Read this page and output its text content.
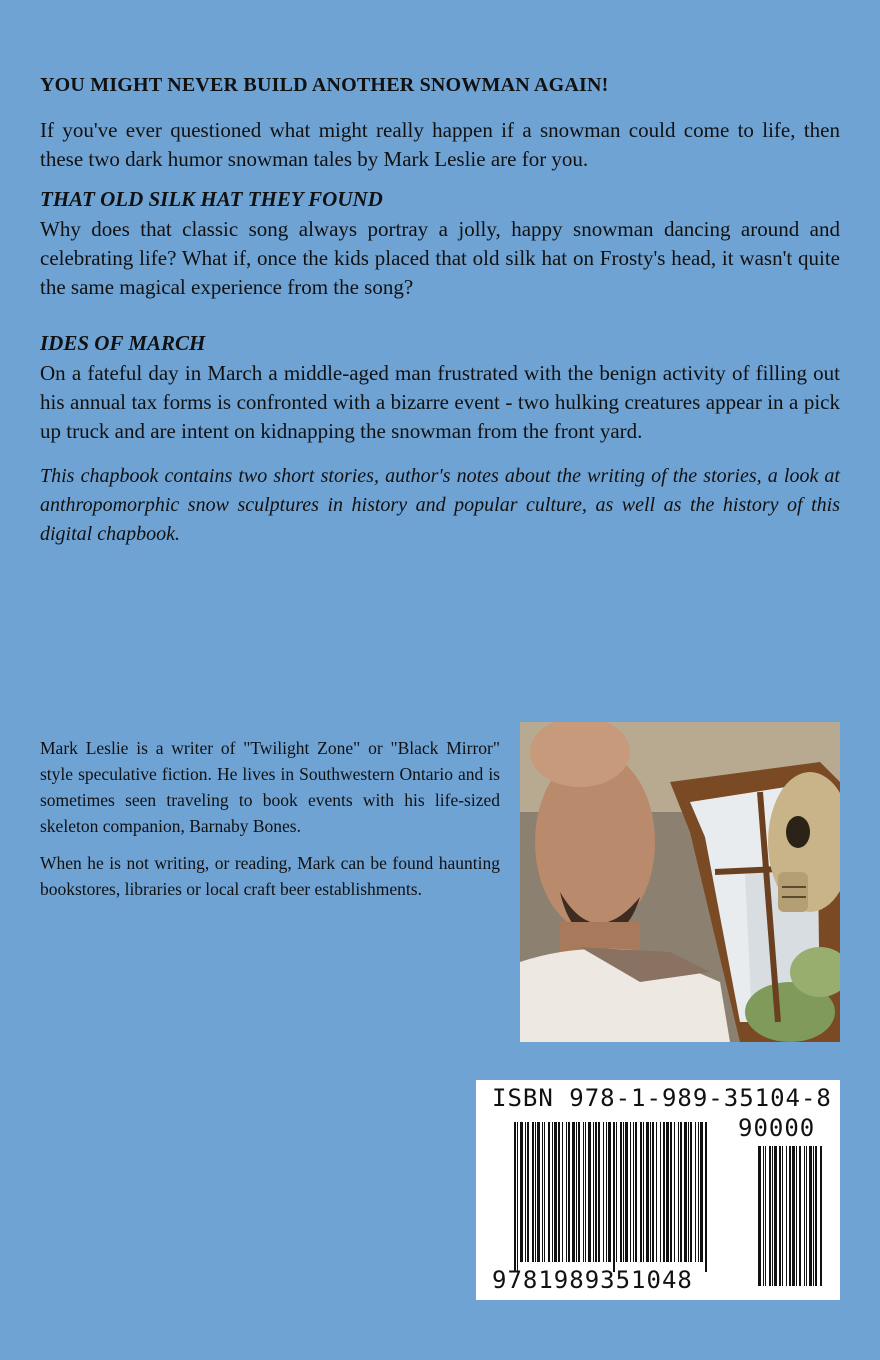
YOU MIGHT NEVER BUILD ANOTHER SNOWMAN AGAIN!

If you've ever questioned what might really happen if a snowman could come to life, then these two dark humor snowman tales by Mark Leslie are for you.

THAT OLD SILK HAT THEY FOUND

Why does that classic song always portray a jolly, happy snowman dancing around and celebrating life? What if, once the kids placed that old silk hat on Frosty's head, it wasn't quite the same magical experience from the song?

IDES OF MARCH

On a fateful day in March a middle-aged man frustrated with the benign activity of filling out his annual tax forms is confronted with a bizarre event - two hulking creatures appear in a pick up truck and are intent on kidnapping the snowman from the front yard.

This chapbook contains two short stories, author's notes about the writing of the stories, a look at anthropomorphic snow sculptures in history and popular culture, as well as the history of this digital chapbook.

Mark Leslie is a writer of "Twilight Zone" or "Black Mirror" style speculative fiction. He lives in Southwestern Ontario and is sometimes seen traveling to book events with his life-sized skeleton companion, Barnaby Bones.

When he is not writing, or reading, Mark can be found haunting bookstores, libraries or local craft beer establishments.

ISBN 978-1-989-35104-8

90000

9781989351048
